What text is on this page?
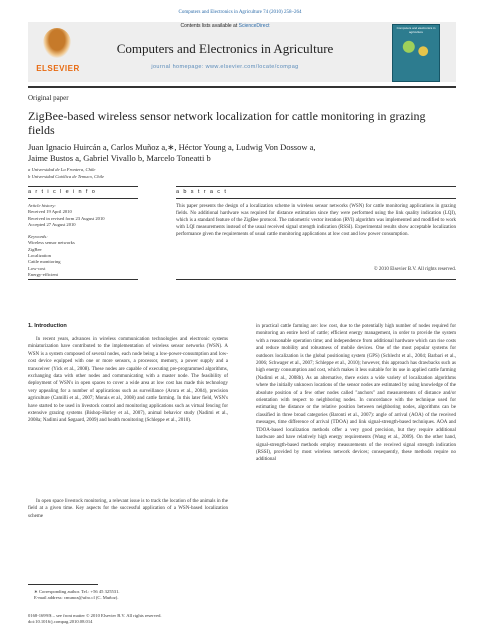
Computers and Electronics in Agriculture 74 (2010) 258–264
ELSEVIER
Contents lists available at ScienceDirect
Computers and Electronics in Agriculture
journal homepage: www.elsevier.com/locate/compag
Computers and electronics in agriculture
Original paper
ZigBee-based wireless sensor network localization for cattle monitoring in grazing fields
Juan Ignacio Huircán a, Carlos Muñoz a,∗, Héctor Young a, Ludwig Von Dossow a,
Jaime Bustos a, Gabriel Vivallo b, Marcelo Toneatti b
a Universidad de La Frontera, Chile
b Universidad Católica de Temuco, Chile
a r t i c l e i n f o	a b s t r a c t
Article history:
Received 19 April 2010
Received in revised form 23 August 2010
Accepted 27 August 2010
Keywords:
Wireless sensor networks
ZigBee
Localization
Cattle monitoring
Low-cost
Energy-efficient
This paper presents the design of a localization scheme in wireless sensor networks (WSN) for cattle monitoring applications in grazing fields. No additional hardware was required for distance estimation since they were performed using the link quality indication (LQI), which is a standard feature of the ZigBee protocol. The ratiometric vector iteration (RVI) algorithm was implemented and modified to work with LQI measurements instead of the usual received signal strength indication (RSSI). Experimental results show acceptable localization performance given the requirements of usual cattle monitoring applications at low cost and low power consumption.
© 2010 Elsevier B.V. All rights reserved.
1. Introduction
In recent years, advances in wireless communication technologies and electronic systems miniaturization have contributed to the implementation of wireless sensor networks (WSN). A WSN is a system composed of several nodes, each node being a low-power-consumption and low-cost device equipped with one or more sensors, a processor, memory, a power supply and a transceiver (Yick et al., 2008). These nodes are capable of executing pre-programmed algorithms, exchanging data with other nodes and communicating with a master node. The feasibility of deployment of WSN's in open spaces to cover a wide area at low cost has made this technology very appealing for a number of applications such as surveillance (Arora et al., 2004), precision agriculture (Camilli et al., 2007; Morais et al., 2008) and cattle farming. In this later field, WSN's have started to be used in livestock control and monitoring applications such as virtual fencing for extensive grazing systems (Bishop-Hurley et al., 2007), animal behavior study (Nadimi et al., 2008a; Nadimi and Søgaard, 2009) and health monitoring (Schleppe et al., 2010).
In open space livestock monitoring, a relevant issue is to track the location of the animals in the field at a given time. Key aspects for the successful application of a WSN-based localization scheme
in practical cattle farming are: low cost, due to the potentially high number of nodes required for monitoring an entire herd of cattle; efficient energy management, in order to provide the system with a reasonable operation time; and independence from additional hardware which can rise costs and reduce mobility and robustness of mobile devices. One of the most popular systems for outdoors localization is the global positioning system (GPS) (Schlecht et al., 2004; Barbari et al., 2006; Schwager et al., 2007; Schleppe et al., 2010); however, this approach has drawbacks such as high energy consumption and cost, which makes it less suitable for its use in applied cattle farming (Nadimi et al., 2008b). As an alternative, there exists a wide variety of localization algorithms where the initially unknown locations of the sensor nodes are estimated by using knowledge of the absolute position of a few other nodes called "anchors" and measurements of distance and/or orientation with respect to neighboring nodes. In concordance with the technique used for estimating the distance or the relative position between neighboring nodes, algorithms can be classified in three broad categories (Baronti et al., 2007): angle of arrival (AOA) of the received messages, time difference of arrival (TDOA) and link signal-strength-based techniques. AOA and TDOA-based localization methods offer a very good precision, but they require additional hardware and have relatively high energy requirements (Wang et al., 2009). On the other hand, signal-strength-based methods employ measurements of the received signal strength indication (RSSI), provided by most wireless network devices; consequently, these methods require no additional
∗ Corresponding author. Tel.: +56 45 325531.
E-mail address: cmunoz@ufro.cl (C. Muñoz).
0168-1699/$ – see front matter © 2010 Elsevier B.V. All rights reserved.
doi:10.1016/j.compag.2010.08.014
